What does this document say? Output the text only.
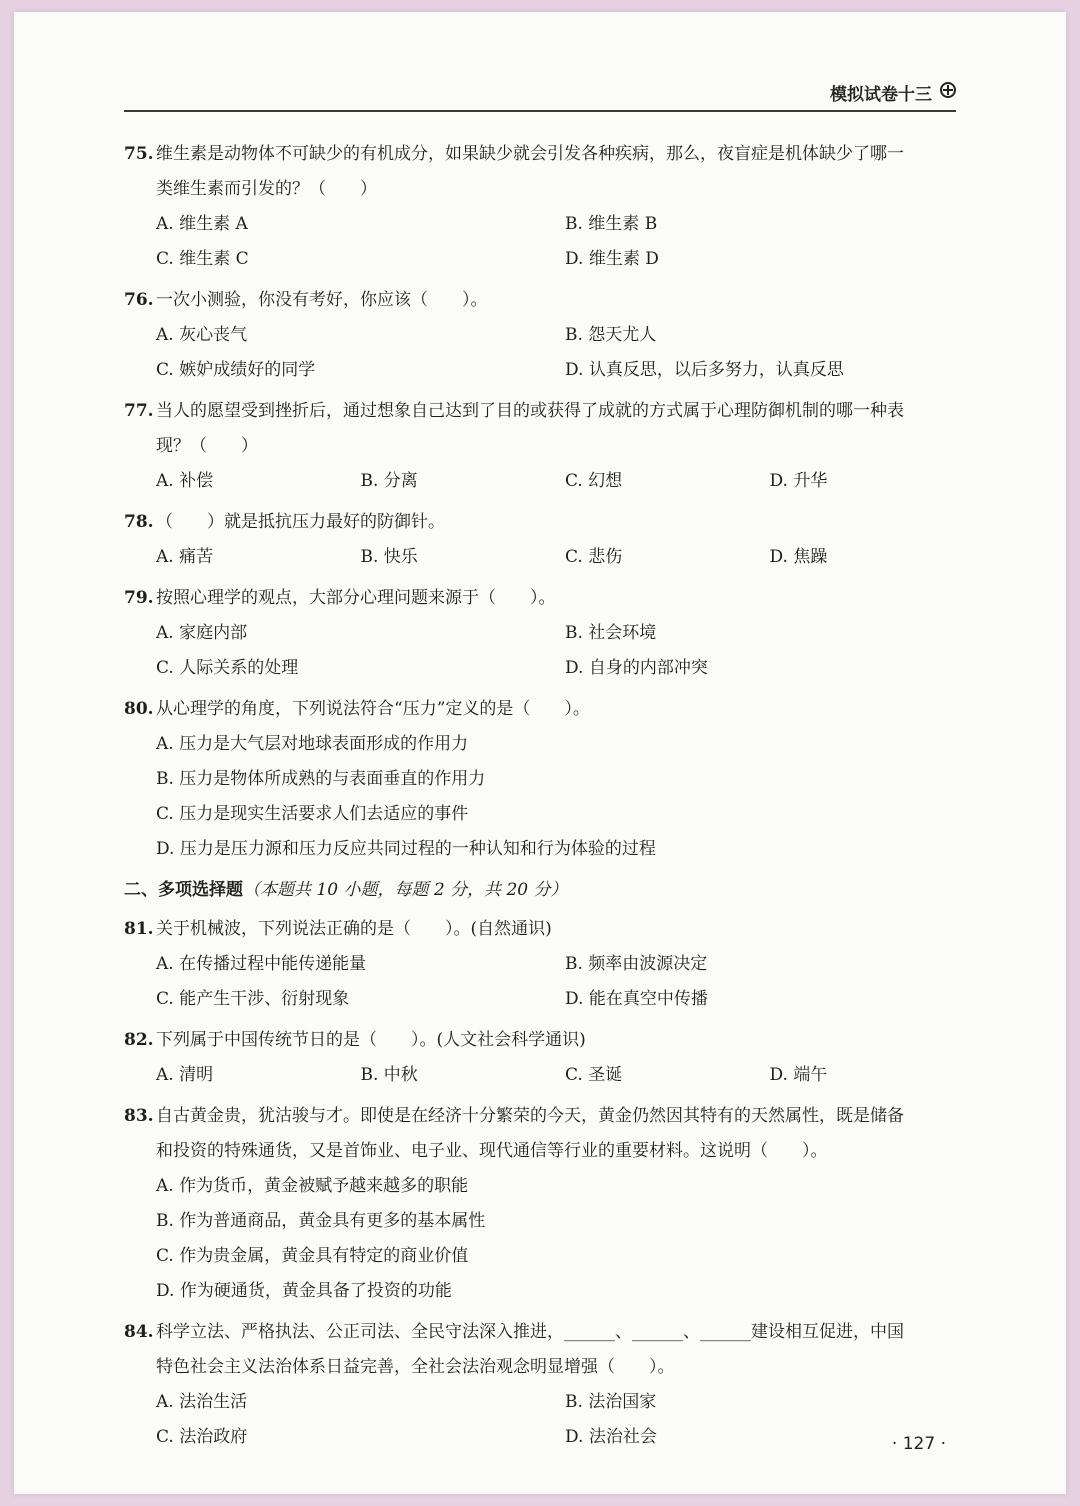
模拟试卷十三
75. 维生素是动物体不可缺少的有机成分，如果缺少就会引发各种疾病，那么，夜盲症是机体缺少了哪一
类维生素而引发的？（　　）
A. 维生素 A	B. 维生素 B
C. 维生素 C	D. 维生素 D
76. 一次小测验，你没有考好，你应该（　　）。
A. 灰心丧气	B. 怨天尤人
C. 嫉妒成绩好的同学	D. 认真反思，以后多努力，认真反思
77. 当人的愿望受到挫折后，通过想象自己达到了目的或获得了成就的方式属于心理防御机制的哪一种表
现？（　　）
A. 补偿	B. 分离	C. 幻想	D. 升华
78. （　　）就是抵抗压力最好的防御针。
A. 痛苦	B. 快乐	C. 悲伤	D. 焦躁
79. 按照心理学的观点，大部分心理问题来源于（　　）。
A. 家庭内部	B. 社会环境
C. 人际关系的处理	D. 自身的内部冲突
80. 从心理学的角度，下列说法符合“压力”定义的是（　　）。
A. 压力是大气层对地球表面形成的作用力
B. 压力是物体所成熟的与表面垂直的作用力
C. 压力是现实生活要求人们去适应的事件
D. 压力是压力源和压力反应共同过程的一种认知和行为体验的过程
二、多项选择题（本题共 10 小题，每题 2 分，共 20 分）
81. 关于机械波，下列说法正确的是（　　）。(自然通识)
A. 在传播过程中能传递能量	B. 频率由波源决定
C. 能产生干涉、衍射现象	D. 能在真空中传播
82. 下列属于中国传统节日的是（　　）。(人文社会科学通识)
A. 清明	B. 中秋	C. 圣诞	D. 端午
83. 自古黄金贵，犹沽骏与才。即使是在经济十分繁荣的今天，黄金仍然因其特有的天然属性，既是储备
和投资的特殊通货，又是首饰业、电子业、现代通信等行业的重要材料。这说明（　　）。
A. 作为货币，黄金被赋予越来越多的职能
B. 作为普通商品，黄金具有更多的基本属性
C. 作为贵金属，黄金具有特定的商业价值
D. 作为硬通货，黄金具备了投资的功能
84. 科学立法、严格执法、公正司法、全民守法深入推进，______、______、______建设相互促进，中国
特色社会主义法治体系日益完善，全社会法治观念明显增强（　　）。
A. 法治生活	B. 法治国家
C. 法治政府	D. 法治社会	· 127 ·
